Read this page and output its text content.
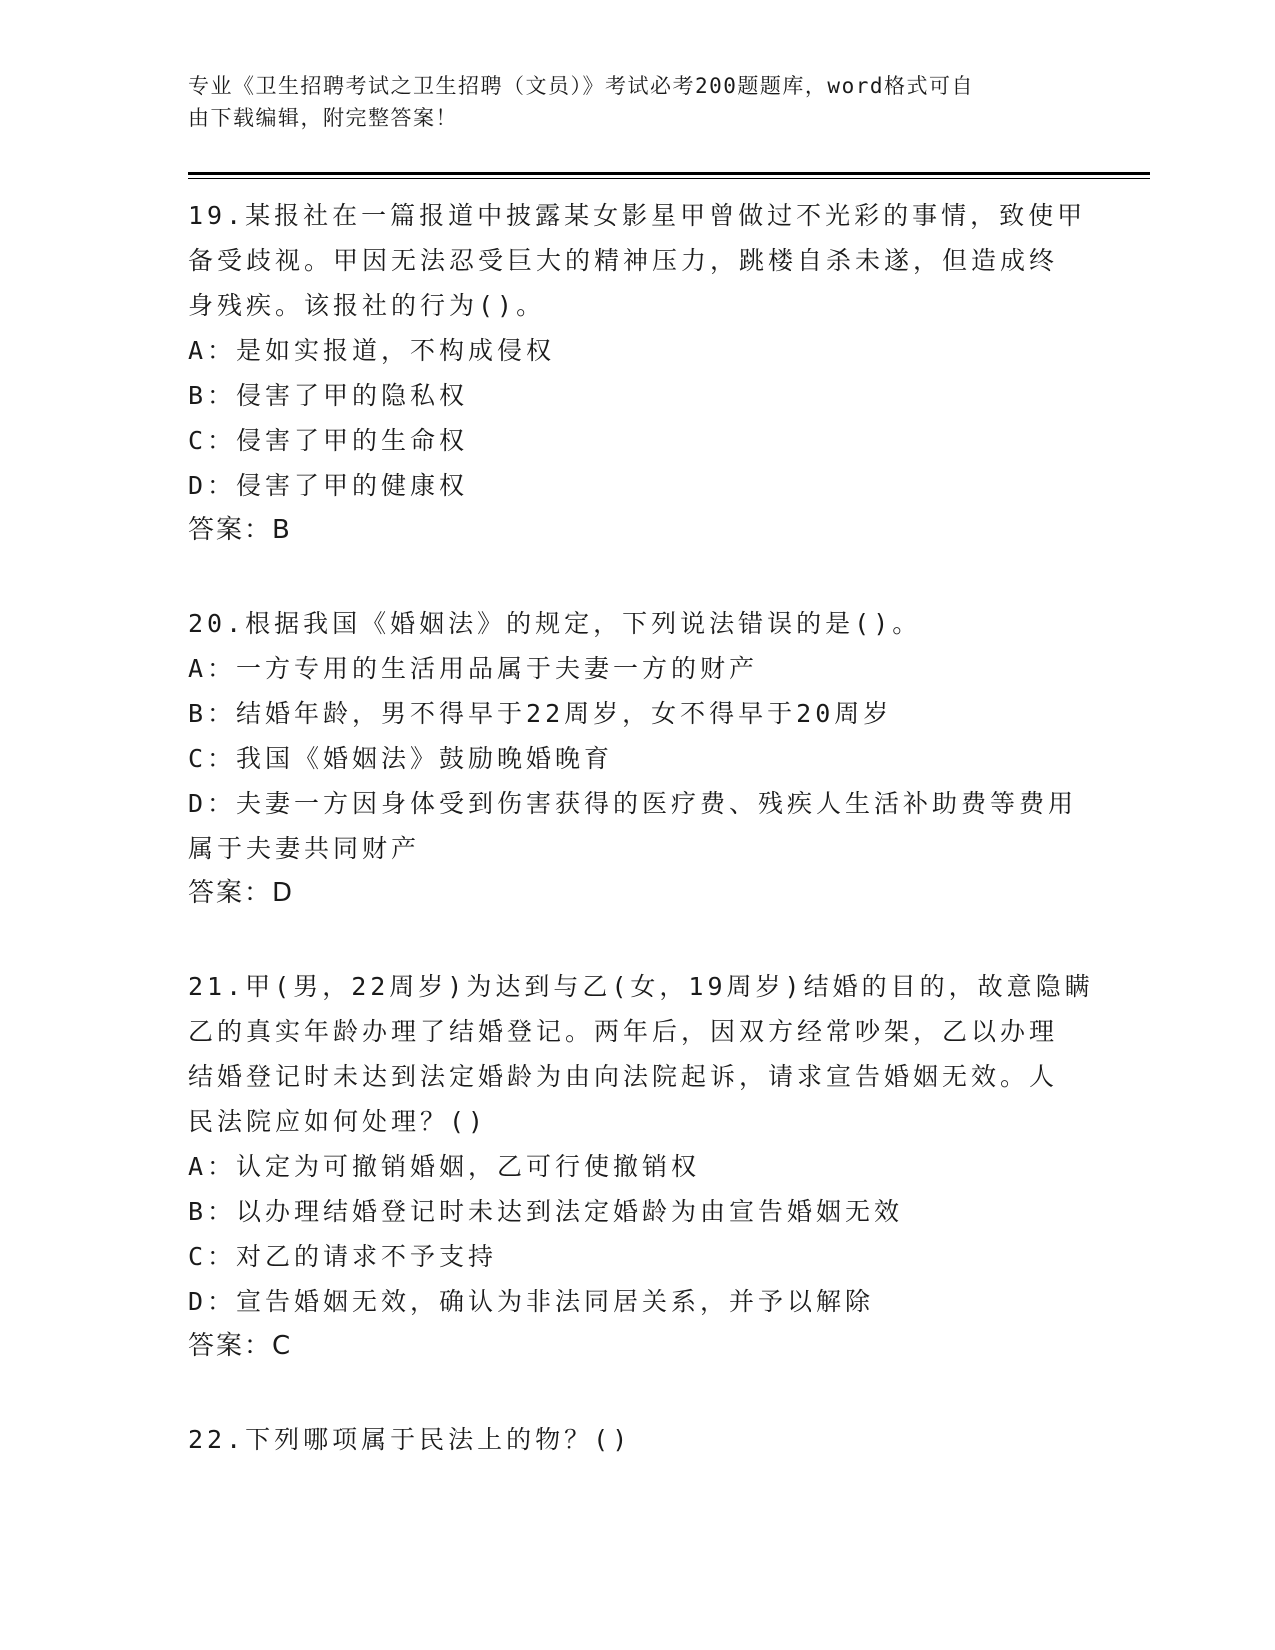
专业《卫生招聘考试之卫生招聘（文员）》考试必考200题题库，word格式可自

由下载编辑，附完整答案！

19.某报社在一篇报道中披露某女影星甲曾做过不光彩的事情，致使甲

备受歧视。甲因无法忍受巨大的精神压力，跳楼自杀未遂，但造成终

身残疾。该报社的行为()。

A：是如实报道，不构成侵权

B：侵害了甲的隐私权

C：侵害了甲的生命权

D：侵害了甲的健康权

答案：B

20.根据我国《婚姻法》的规定，下列说法错误的是()。

A：一方专用的生活用品属于夫妻一方的财产

B：结婚年龄，男不得早于22周岁，女不得早于20周岁

C：我国《婚姻法》鼓励晚婚晚育

D：夫妻一方因身体受到伤害获得的医疗费、残疾人生活补助费等费用

属于夫妻共同财产

答案：D

21.甲(男，22周岁)为达到与乙(女，19周岁)结婚的目的，故意隐瞒

乙的真实年龄办理了结婚登记。两年后，因双方经常吵架，乙以办理

结婚登记时未达到法定婚龄为由向法院起诉，请求宣告婚姻无效。人

民法院应如何处理？()

A：认定为可撤销婚姻，乙可行使撤销权

B：以办理结婚登记时未达到法定婚龄为由宣告婚姻无效

C：对乙的请求不予支持

D：宣告婚姻无效，确认为非法同居关系，并予以解除

答案：C

22.下列哪项属于民法上的物？()
